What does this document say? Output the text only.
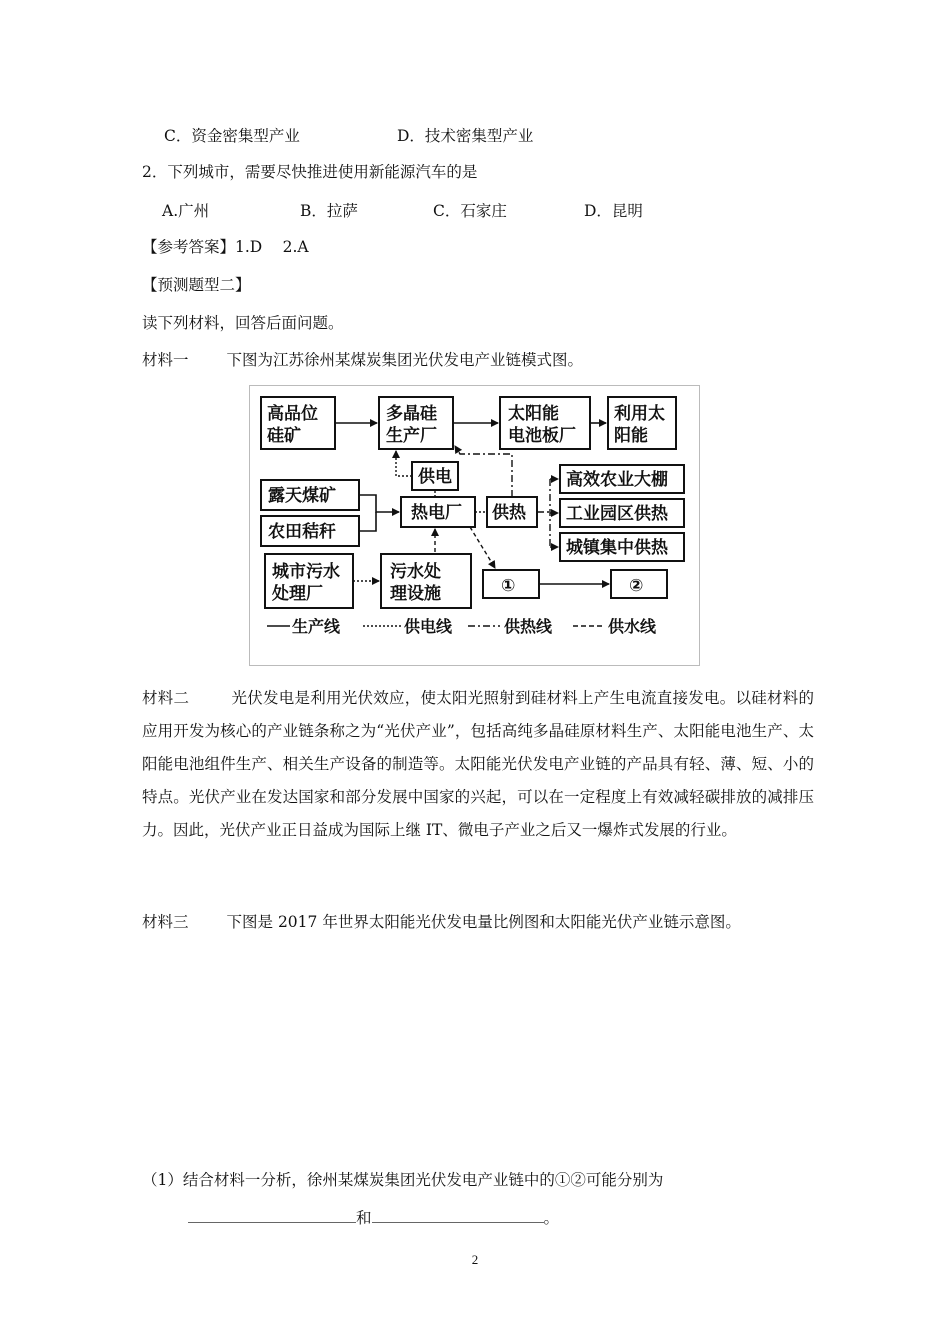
C．资金密集型产业	D．技术密集型产业
2．下列城市，需要尽快推进使用新能源汽车的是
A.广州	B．拉萨	C．石家庄	D．昆明
【参考答案】1.D　 2.A
【预测题型二】
读下列材料，回答后面问题。
材料一 下图为江苏徐州某煤炭集团光伏发电产业链模式图。
高品位
硅矿
多晶硅
生产厂
太阳能
电池板厂
利用太
阳能
供电
露天煤矿
农田秸秆
热电厂 供热
高效农业大棚
工业园区供热
城镇集中供热
城市污水
处理厂
污水处
理设施	①	②
生产线	供电线	供热线	供水线
材料二	光伏发电是利用光伏效应，使太阳光照射到硅材料上产生电流直接发电。以硅材料的应用开发为核心的产业链条称之为“光伏产业”，包括高纯多晶硅原材料生产、太阳能电池生产、太阳能电池组件生产、相关生产设备的制造等。太阳能光伏发电产业链的产品具有轻、薄、短、小的特点。光伏产业在发达国家和部分发展中国家的兴起，可以在一定程度上有效减轻碳排放的减排压力。因此，光伏产业正日益成为国际上继 IT、微电子产业之后又一爆炸式发展的行业。
材料三 下图是 2017 年世界太阳能光伏发电量比例图和太阳能光伏产业链示意图。
（1）结合材料一分析，徐州某煤炭集团光伏发电产业链中的①②可能分别为
和	。
2
